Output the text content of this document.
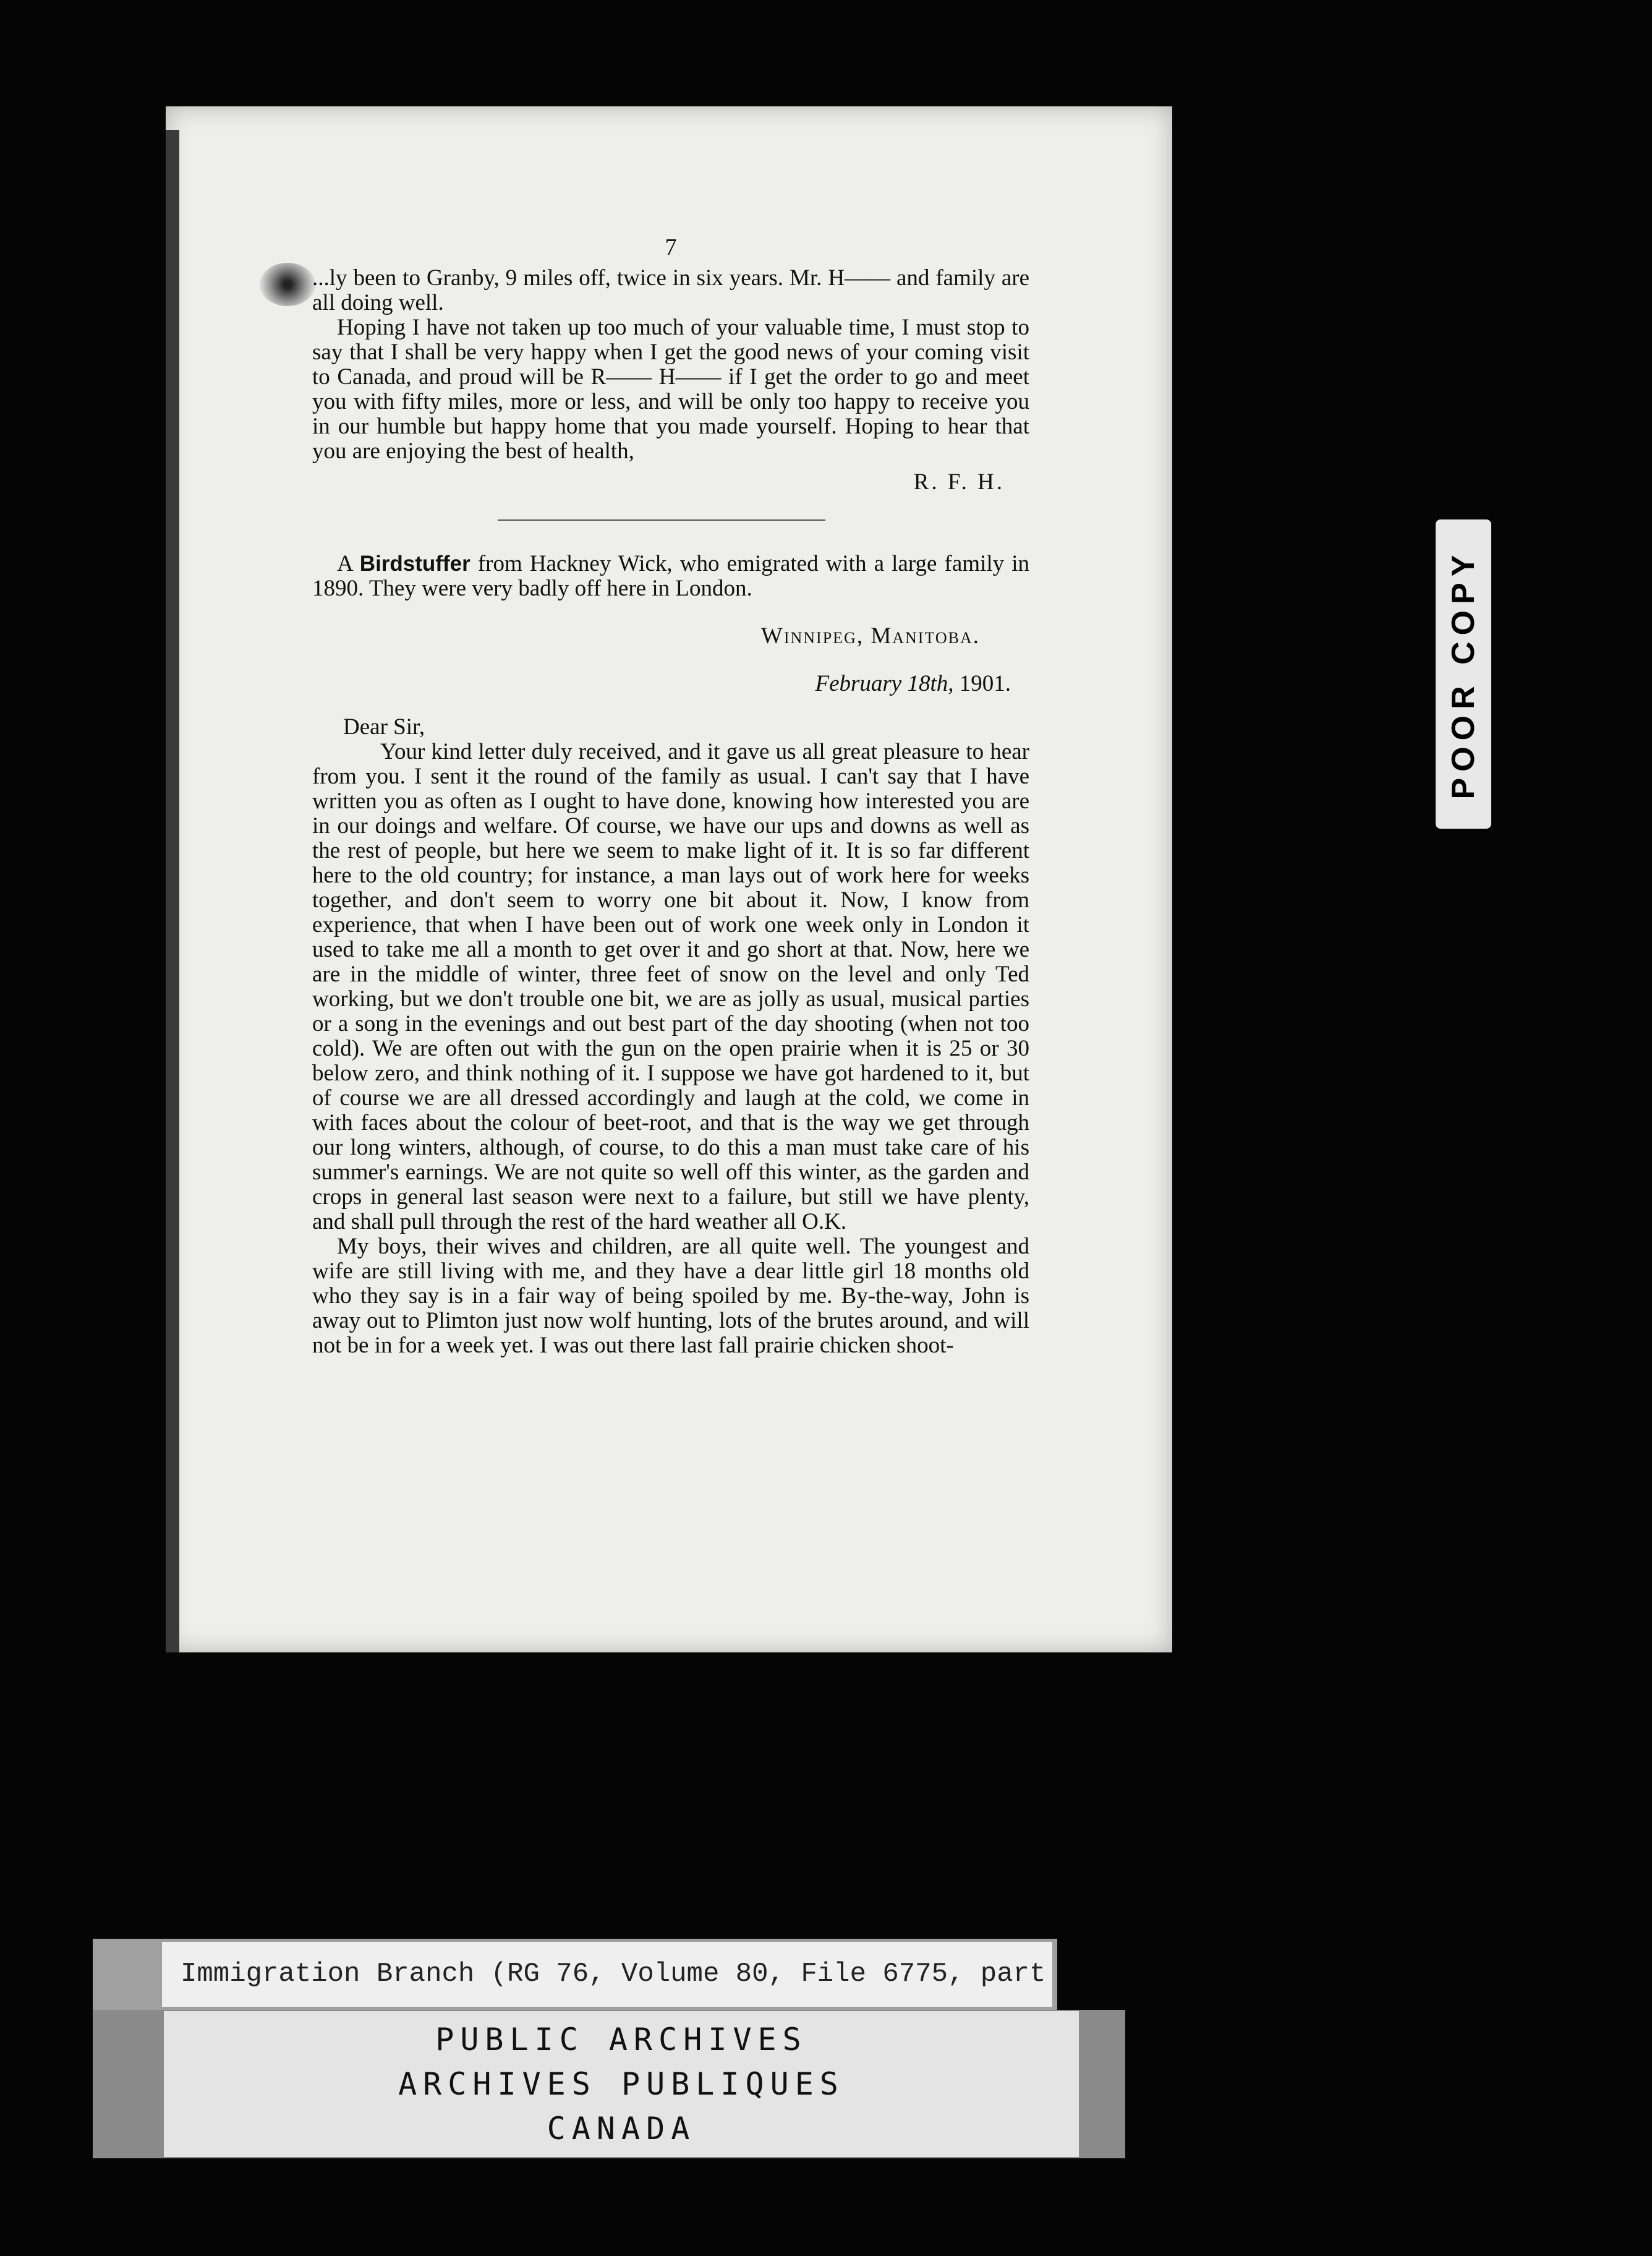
7

...ly been to Granby, 9 miles off, twice in six years. Mr. H—— and family are all doing well.

Hoping I have not taken up too much of your valuable time, I must stop to say that I shall be very happy when I get the good news of your coming visit to Canada, and proud will be R—— H—— if I get the order to go and meet you with fifty miles, more or less, and will be only too happy to receive you in our humble but happy home that you made yourself. Hoping to hear that you are enjoying the best of health,

R. F. H.

A Birdstuffer from Hackney Wick, who emigrated with a large family in 1890. They were very badly off here in London.

Winnipeg, Manitoba.

February 18th, 1901.

Dear Sir,

Your kind letter duly received, and it gave us all great pleasure to hear from you. I sent it the round of the family as usual. I can't say that I have written you as often as I ought to have done, knowing how interested you are in our doings and welfare. Of course, we have our ups and downs as well as the rest of people, but here we seem to make light of it. It is so far different here to the old country; for instance, a man lays out of work here for weeks together, and don't seem to worry one bit about it. Now, I know from experience, that when I have been out of work one week only in London it used to take me all a month to get over it and go short at that. Now, here we are in the middle of winter, three feet of snow on the level and only Ted working, but we don't trouble one bit, we are as jolly as usual, musical parties or a song in the evenings and out best part of the day shooting (when not too cold). We are often out with the gun on the open prairie when it is 25 or 30 below zero, and think nothing of it. I suppose we have got hardened to it, but of course we are all dressed accordingly and laugh at the cold, we come in with faces about the colour of beet-root, and that is the way we get through our long winters, although, of course, to do this a man must take care of his summer's earnings. We are not quite so well off this winter, as the garden and crops in general last season were next to a failure, but still we have plenty, and shall pull through the rest of the hard weather all O.K.

My boys, their wives and children, are all quite well. The youngest and wife are still living with me, and they have a dear little girl 18 months old who they say is in a fair way of being spoiled by me. By-the-way, John is away out to Plimton just now wolf hunting, lots of the brutes around, and will not be in for a week yet. I was out there last fall prairie chicken shoot-

POOR COPY
Immigration Branch (RG 76, Volume 80, File 6775, part
PUBLIC ARCHIVES
ARCHIVES PUBLIQUES
CANADA
